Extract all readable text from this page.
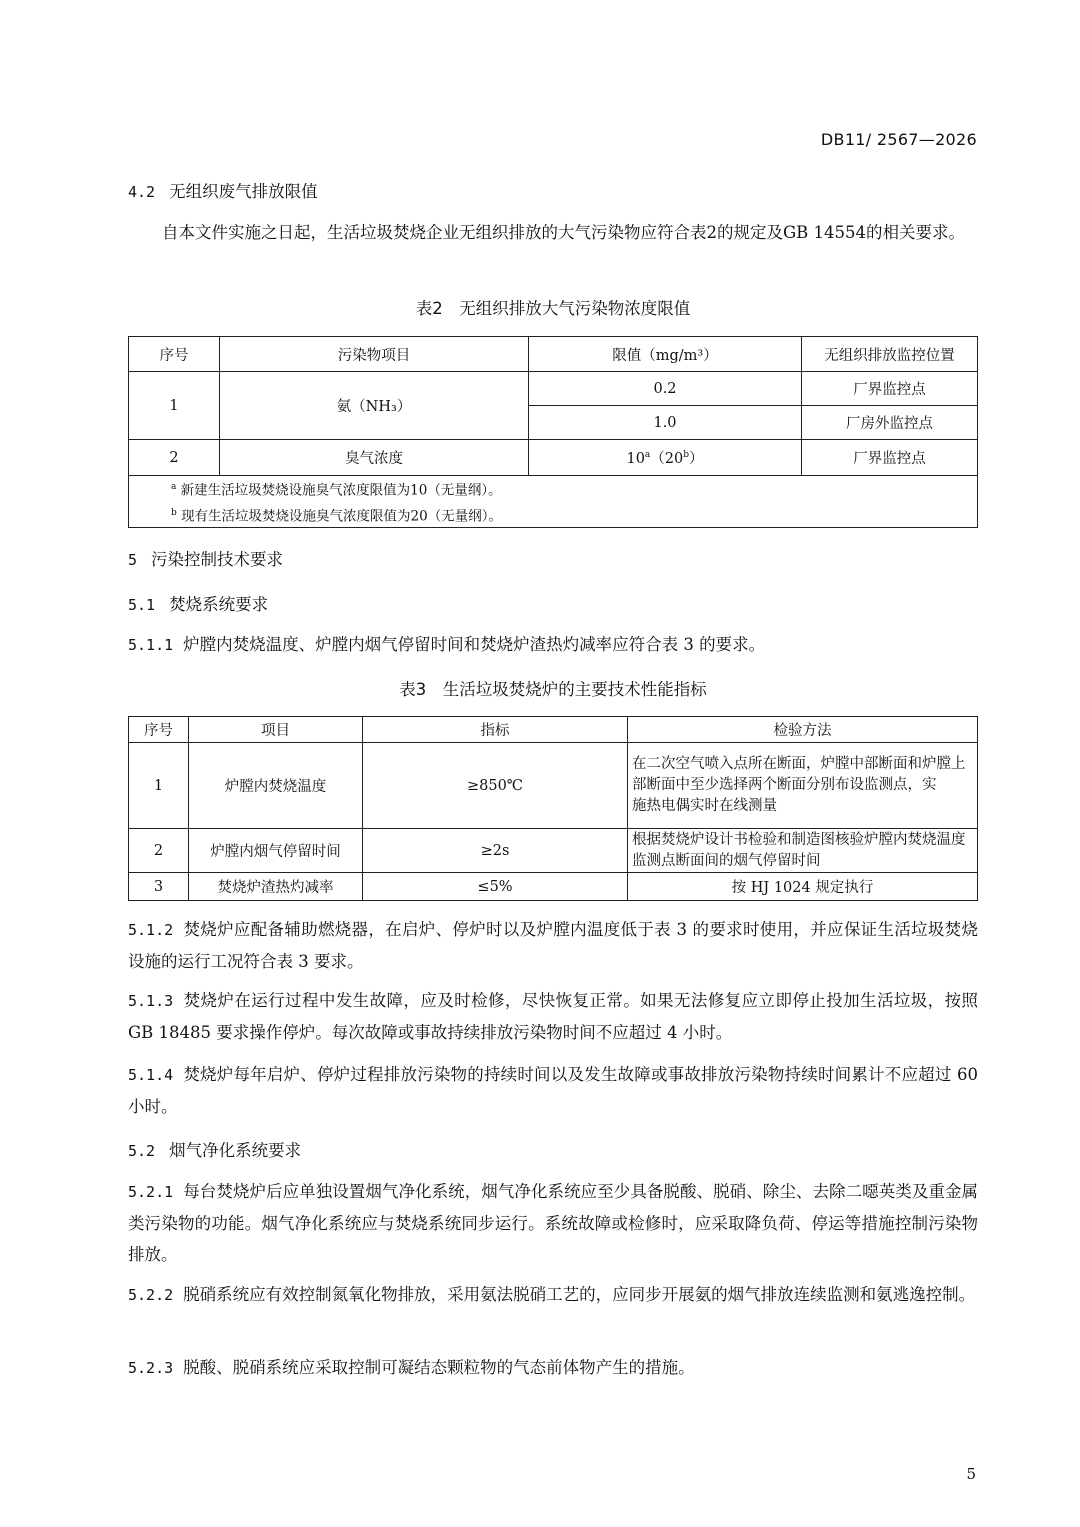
DB11/ 2567—2026
4.2 无组织废气排放限值
自本文件实施之日起，生活垃圾焚烧企业无组织排放的大气污染物应符合表2的规定及GB 14554的相关要求。
表2　无组织排放大气污染物浓度限值
序号	污染物项目	限值（mg/m³）	无组织排放监控位置
1	氨（NH₃）	0.2	厂界监控点
		1.0	厂房外监控点
2	臭气浓度	10$^a$（20$^b$）	厂界监控点

$^a$ 新建生活垃圾焚烧设施臭气浓度限值为10（无量纲）。
$^b$ 现有生活垃圾焚烧设施臭气浓度限值为20（无量纲）。			
5 污染控制技术要求
5.1 焚烧系统要求
5.1.1 炉膛内焚烧温度、炉膛内烟气停留时间和焚烧炉渣热灼减率应符合表 3 的要求。
表3　生活垃圾焚烧炉的主要技术性能指标
序号	项目	指标	检验方法
1	炉膛内焚烧温度	≥850℃	在二次空气喷入点所在断面，炉膛中部断面和炉膛上部断面中至少选择两个断面分别布设监测点，实
施热电偶实时在线测量

2	炉膛内烟气停留时间	≥2s	根据焚烧炉设计书检验和制造图核验炉膛内焚烧温度监测点断面间的烟气停留时间
3	焚烧炉渣热灼减率	≤5%	按 HJ 1024 规定执行
5.1.2 焚烧炉应配备辅助燃烧器，在启炉、停炉时以及炉膛内温度低于表 3 的要求时使用，并应保证生活垃圾焚烧设施的运行工况符合表 3 要求。
5.1.3 焚烧炉在运行过程中发生故障，应及时检修，尽快恢复正常。如果无法修复应立即停止投加生活垃圾，按照 GB 18485 要求操作停炉。每次故障或事故持续排放污染物时间不应超过 4 小时。
5.1.4 焚烧炉每年启炉、停炉过程排放污染物的持续时间以及发生故障或事故排放污染物持续时间累计不应超过 60 小时。
5.2 烟气净化系统要求
5.2.1 每台焚烧炉后应单独设置烟气净化系统，烟气净化系统应至少具备脱酸、脱硝、除尘、去除二噁英类及重金属类污染物的功能。烟气净化系统应与焚烧系统同步运行。系统故障或检修时，应采取降负荷、停运等措施控制污染物排放。
5.2.2 脱硝系统应有效控制氮氧化物排放，采用氨法脱硝工艺的，应同步开展氨的烟气排放连续监测和氨逃逸控制。
5.2.3 脱酸、脱硝系统应采取控制可凝结态颗粒物的气态前体物产生的措施。
5
